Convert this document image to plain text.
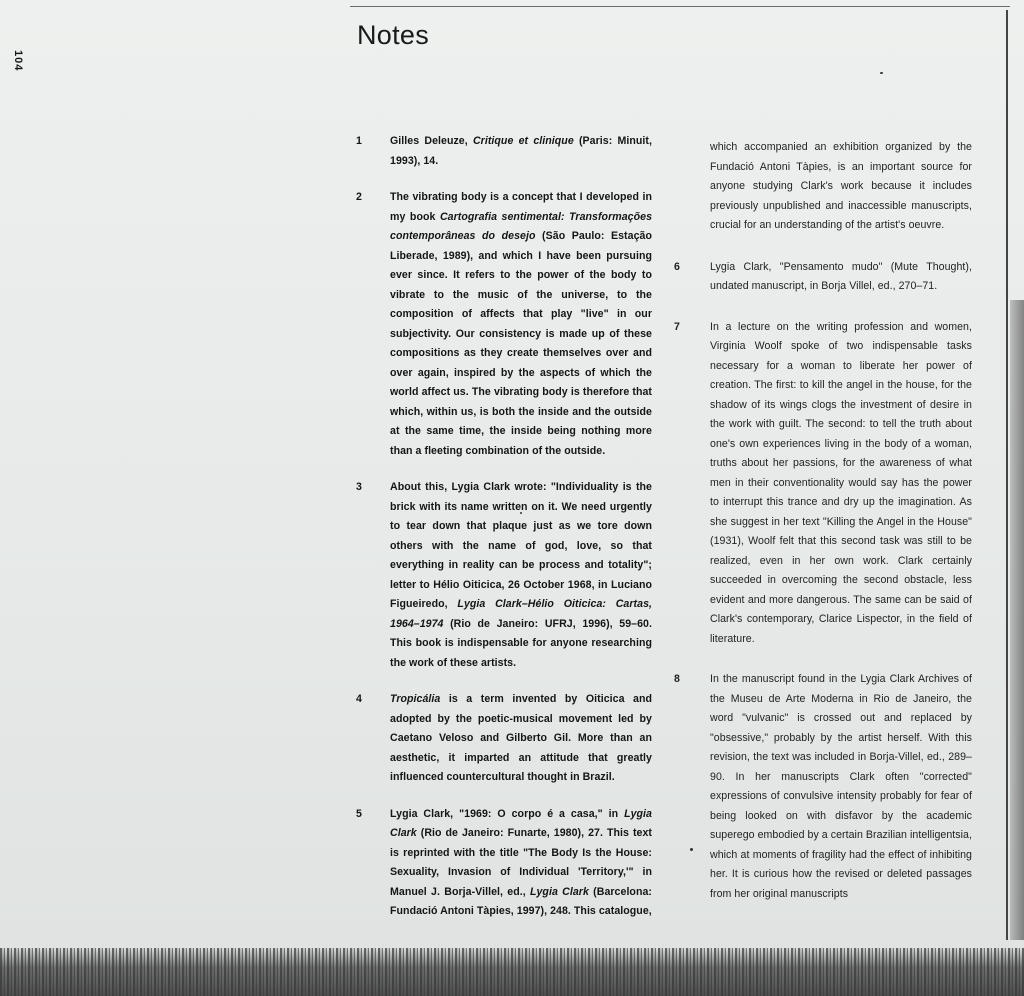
104
Notes
1	Gilles Deleuze, Critique et clinique (Paris: Minuit, 1993), 14.
2	The vibrating body is a concept that I developed in my book Cartografia sentimental: Transformações contemporâneas do desejo (São Paulo: Estação Liberade, 1989), and which I have been pursuing ever since. It refers to the power of the body to vibrate to the music of the universe, to the composition of affects that play "live" in our subjectivity. Our consistency is made up of these compositions as they create themselves over and over again, inspired by the aspects of which the world affect us. The vibrating body is therefore that which, within us, is both the inside and the outside at the same time, the inside being nothing more than a fleeting combination of the outside.
3	About this, Lygia Clark wrote: "Individuality is the brick with its name written on it. We need urgently to tear down that plaque just as we tore down others with the name of god, love, so that everything in reality can be process and totality"; letter to Hélio Oiticica, 26 October 1968, in Luciano Figueiredo, Lygia Clark–Hélio Oiticica: Cartas, 1964–1974 (Rio de Janeiro: UFRJ, 1996), 59–60. This book is indispensable for anyone researching the work of these artists.
4	Tropicália is a term invented by Oiticica and adopted by the poetic-musical movement led by Caetano Veloso and Gilberto Gil. More than an aesthetic, it imparted an attitude that greatly influenced countercultural thought in Brazil.
5	Lygia Clark, "1969: O corpo é a casa," in Lygia Clark (Rio de Janeiro: Funarte, 1980), 27. This text is reprinted with the title "The Body Is the House: Sexuality, Invasion of Individual 'Territory,'" in Manuel J. Borja-Villel, ed., Lygia Clark (Barcelona: Fundació Antoni Tàpies, 1997), 248. This catalogue,
which accompanied an exhibition organized by the Fundació Antoni Tàpies, is an important source for anyone studying Clark's work because it includes previously unpublished and inaccessible manuscripts, crucial for an understanding of the artist's oeuvre.
6	Lygia Clark, "Pensamento mudo" (Mute Thought), undated manuscript, in Borja Villel, ed., 270–71.
7	In a lecture on the writing profession and women, Virginia Woolf spoke of two indispensable tasks necessary for a woman to liberate her power of creation. The first: to kill the angel in the house, for the shadow of its wings clogs the investment of desire in the work with guilt. The second: to tell the truth about one's own experiences living in the body of a woman, truths about her passions, for the awareness of what men in their conventionality would say has the power to interrupt this trance and dry up the imagination. As she suggest in her text "Killing the Angel in the House" (1931), Woolf felt that this second task was still to be realized, even in her own work. Clark certainly succeeded in overcoming the second obstacle, less evident and more dangerous. The same can be said of Clark's contemporary, Clarice Lispector, in the field of literature.
8	In the manuscript found in the Lygia Clark Archives of the Museu de Arte Moderna in Rio de Janeiro, the word "vulvanic" is crossed out and replaced by "obsessive," probably by the artist herself. With this revision, the text was included in Borja-Villel, ed., 289–90. In her manuscripts Clark often "corrected" expressions of convulsive intensity probably for fear of being looked on with disfavor by the academic superego embodied by a certain Brazilian intelligentsia, which at moments of fragility had the effect of inhibiting her. It is curious how the revised or deleted passages from her original manuscripts
